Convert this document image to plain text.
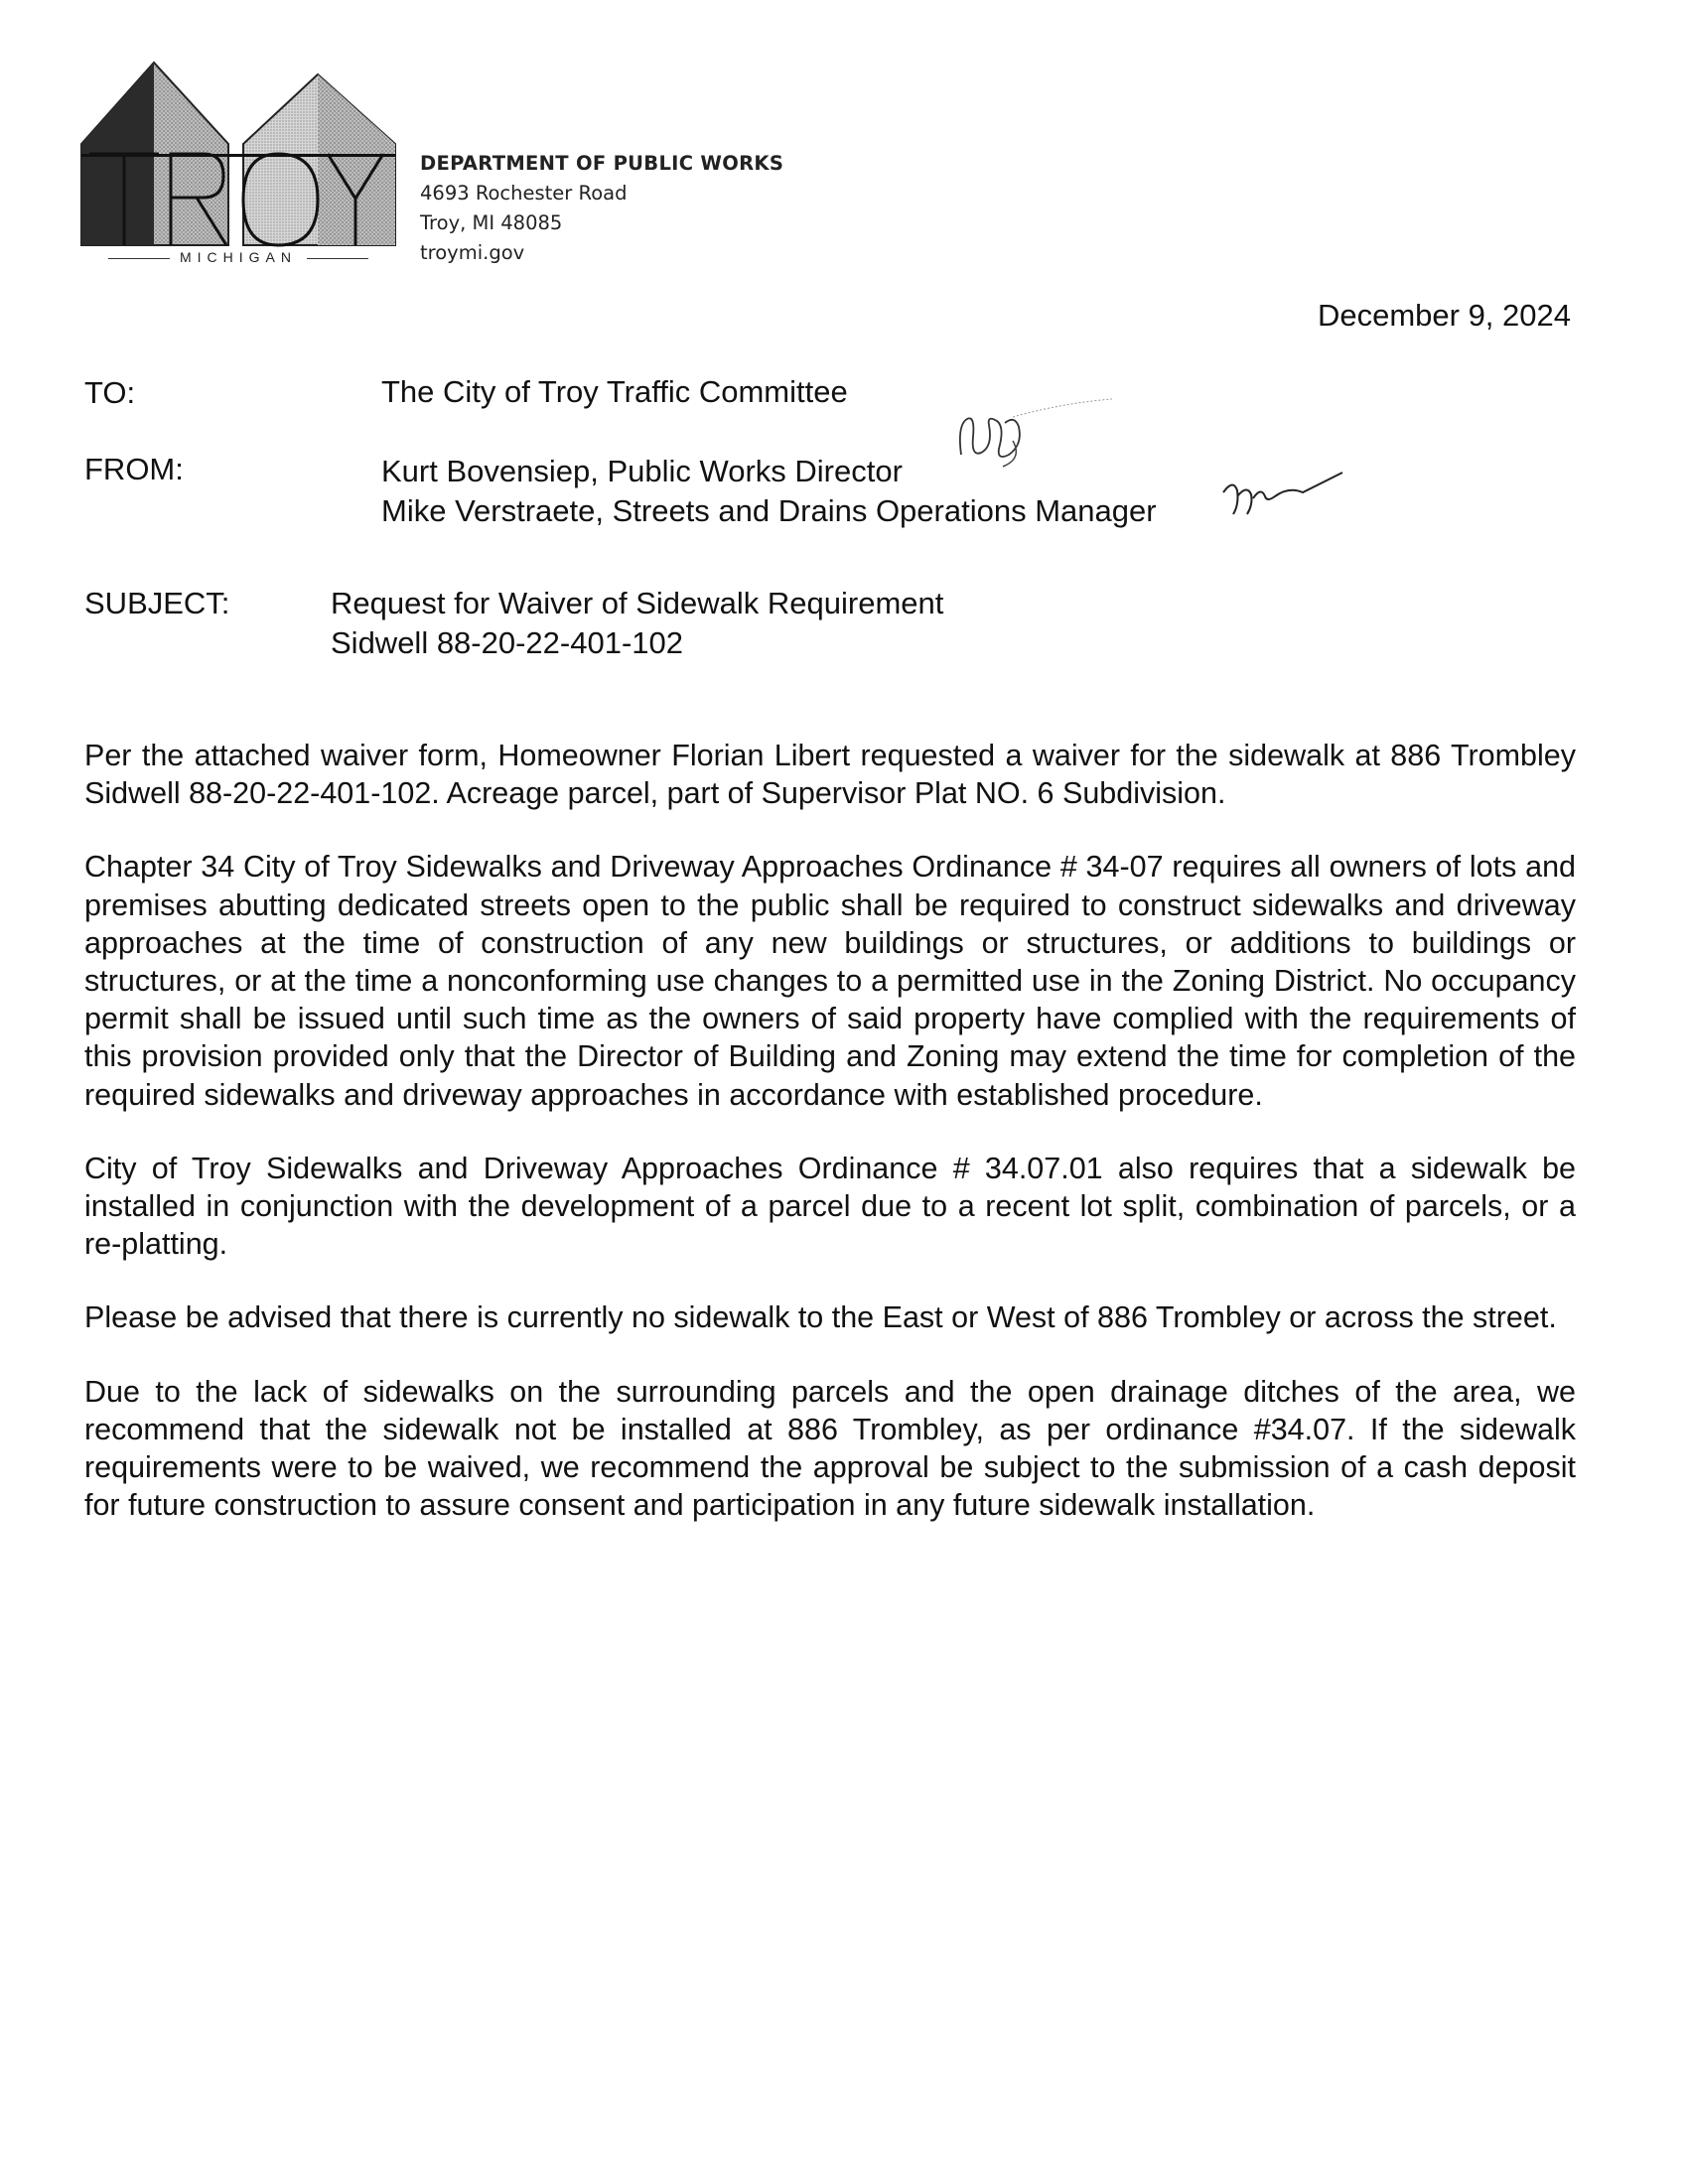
MICHIGAN
DEPARTMENT OF PUBLIC WORKS
4693 Rochester Road
Troy, MI 48085
troymi.gov
December 9, 2024
TO:	The City of Troy Traffic Committee
FROM:	Kurt Bovensiep, Public Works Director
Mike Verstraete, Streets and Drains Operations Manager
SUBJECT:	Request for Waiver of Sidewalk Requirement
Sidwell 88-20-22-401-102

Per the attached waiver form, Homeowner Florian Libert requested a waiver for the sidewalk at 886 Trombley Sidwell 88-20-22-401-102. Acreage parcel, part of Supervisor Plat NO. 6 Subdivision.

Chapter 34 City of Troy Sidewalks and Driveway Approaches Ordinance # 34-07 requires all owners of lots and premises abutting dedicated streets open to the public shall be required to construct sidewalks and driveway approaches at the time of construction of any new buildings or structures, or additions to buildings or structures, or at the time a nonconforming use changes to a permitted use in the Zoning District. No occupancy permit shall be issued until such time as the owners of said property have complied with the requirements of this provision provided only that the Director of Building and Zoning may extend the time for completion of the required sidewalks and driveway approaches in accordance with established procedure.

City of Troy Sidewalks and Driveway Approaches Ordinance # 34.07.01 also requires that a sidewalk be installed in conjunction with the development of a parcel due to a recent lot split, combination of parcels, or a re-platting.

Please be advised that there is currently no sidewalk to the East or West of 886 Trombley or across the street.

Due to the lack of sidewalks on the surrounding parcels and the open drainage ditches of the area, we recommend that the sidewalk not be installed at 886 Trombley, as per ordinance #34.07. If the sidewalk requirements were to be waived, we recommend the approval be subject to the submission of a cash deposit for future construction to assure consent and participation in any future sidewalk installation.
